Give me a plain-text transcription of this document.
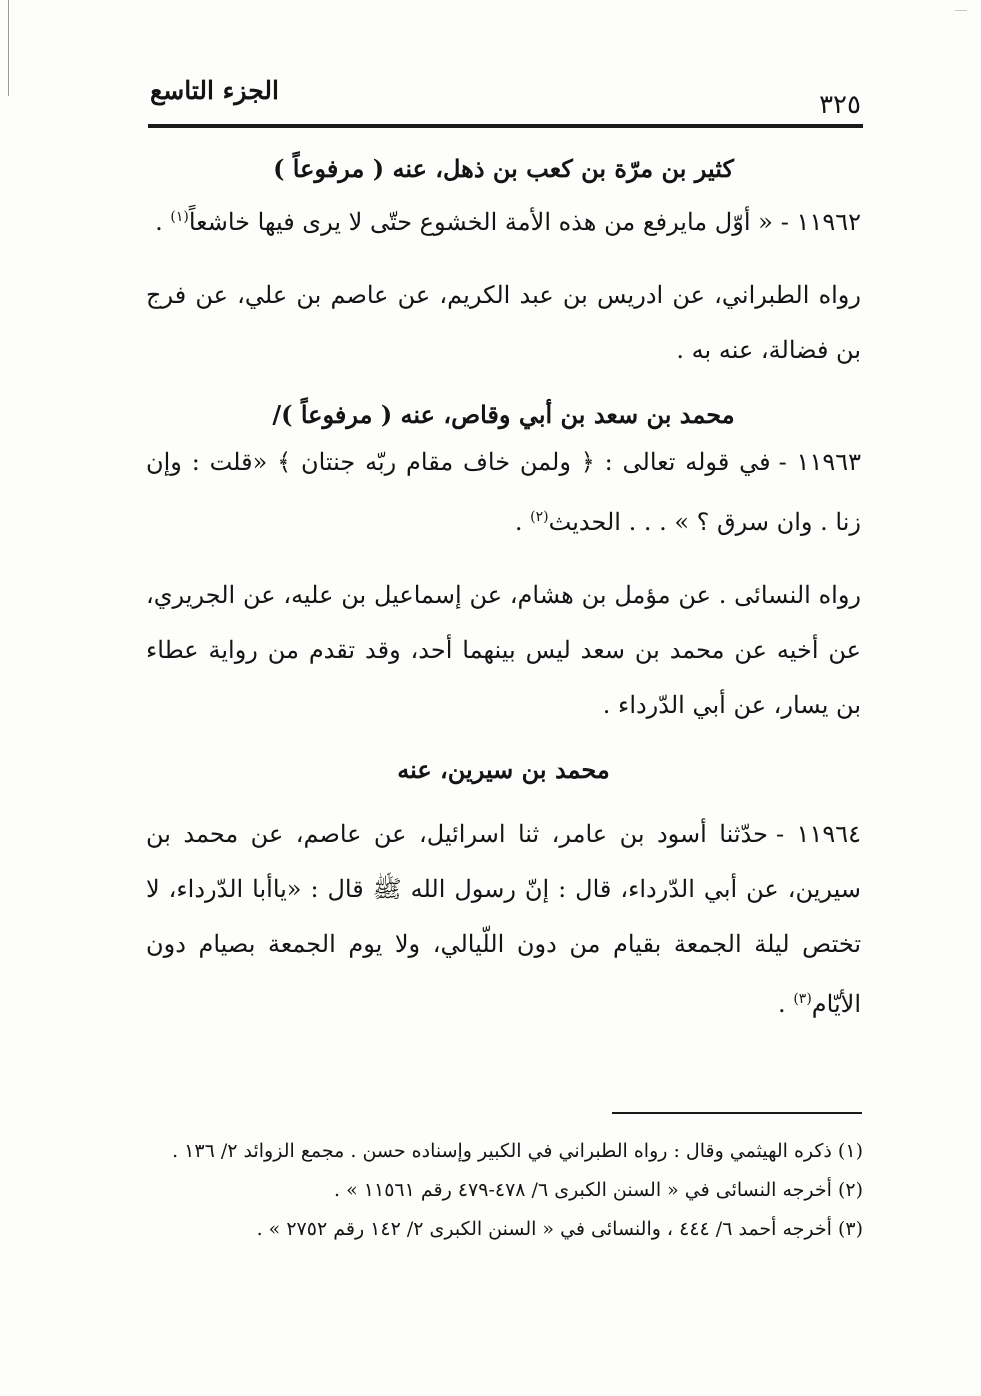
٣٢٥
الجزء التاسع
كثير بن مرّة بن كعب بن ذهل، عنه ( مرفوعاً )

١١٩٦٢ -« أوّل مايرفع من هذه الأمة الخشوع حتّى لا يرى فيها خاشعاً$^{(١)}$ .

رواه الطبراني، عن ادريس بن عبد الكريم، عن عاصم بن علي، عن فرج بن فضالة، عنه به .

محمد بن سعد بن أبي وقاص، عنه ( مرفوعاً )/

١١٩٦٣ -في قوله تعالى : ﴿ ولمن خاف مقام ربّه جنتان ﴾ «قلت : وإن زنا . وان سرق ؟ » . . . الحديث$^{(٢)}$ .

رواه النسائى . عن مؤمل بن هشام، عن إسماعيل بن عليه، عن الجريري، عن أخيه عن محمد بن سعد ليس بينهما أحد، وقد تقدم من رواية عطاء بن يسار، عن أبي الدّرداء .

محمد بن سيرين، عنه

١١٩٦٤ -حدّثنا أسود بن عامر، ثنا اسرائيل، عن عاصم، عن محمد بن سيرين، عن أبي الدّرداء، قال : إنّ رسول الله ﷺ قال : «ياأبا الدّرداء، لا تختص ليلة الجمعة بقيام من دون اللّيالي، ولا يوم الجمعة بصيام دون الأيّام$^{(٣)}$ .

(١) ذكره الهيثمي وقال : رواه الطبراني في الكبير وإسناده حسن . مجمع الزوائد ٢/ ١٣٦ .

(٢) أخرجه النسائى في « السنن الكبرى ٦/ ٤٧٨-٤٧٩ رقم ١١٥٦١ » .

(٣) أخرجه أحمد ٦/ ٤٤٤ ، والنسائى في « السنن الكبرى ٢/ ١٤٢ رقم ٢٧٥٢ » .
